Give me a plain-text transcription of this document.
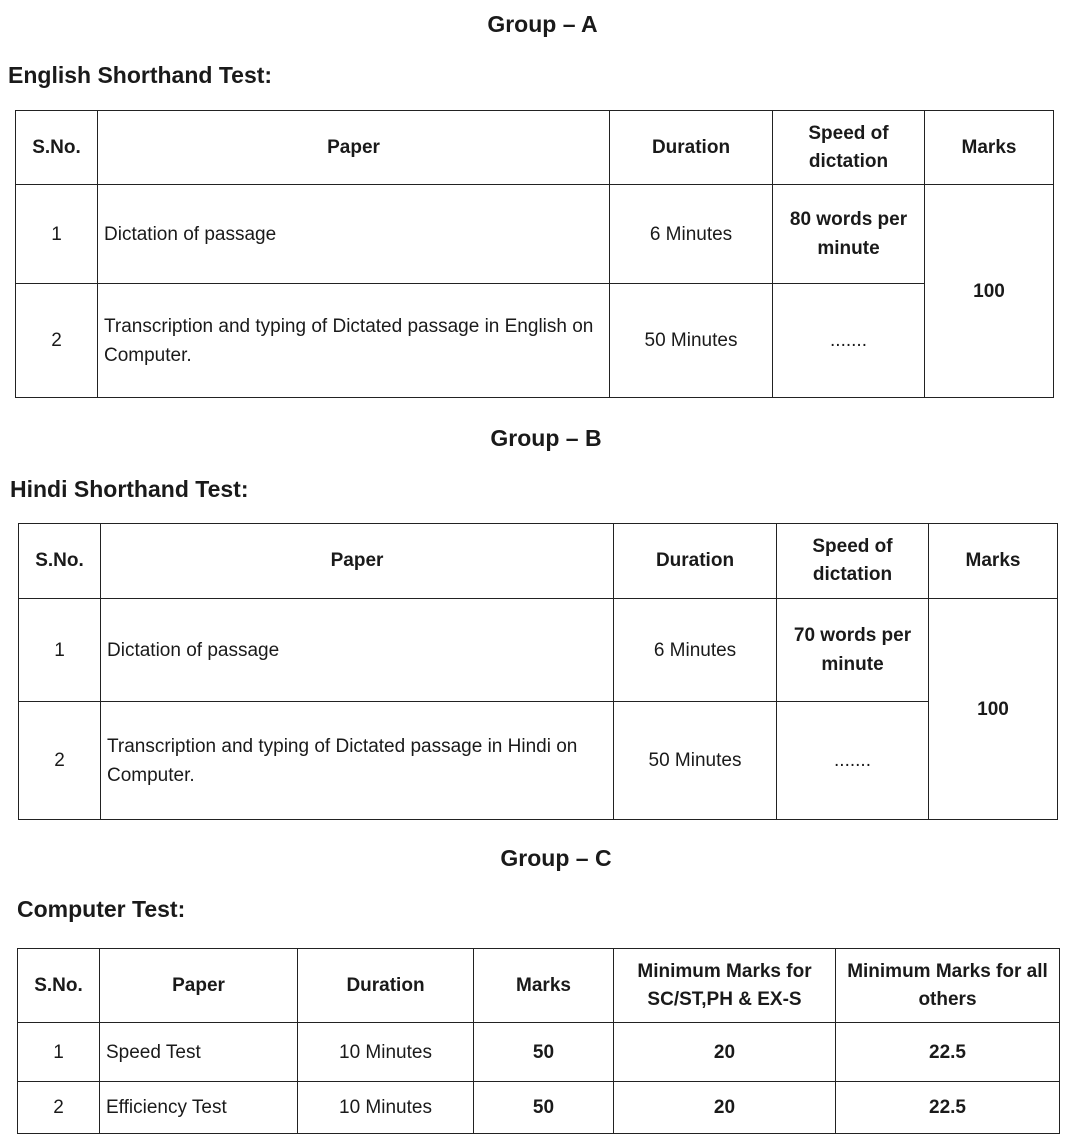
Group – A
English Shorthand Test:
S.No.	Paper	Duration	Speed of dictation	Marks
1	Dictation of passage	6 Minutes	80 words per minute	100
2	Transcription and typing of Dictated passage in English on Computer.	50 Minutes	.......	
Group – B
Hindi Shorthand Test:
S.No.	Paper	Duration	Speed of dictation	Marks
1	Dictation of passage	6 Minutes	70 words per minute	100
2	Transcription and typing of Dictated passage in Hindi on Computer.	50 Minutes	.......	
Group – C
Computer Test:
S.No.	Paper	Duration	Marks	Minimum Marks for SC/ST,PH & EX-S	Minimum Marks for all others
1	Speed Test	10 Minutes	50	20	22.5
2	Efficiency Test	10 Minutes	50	20	22.5
